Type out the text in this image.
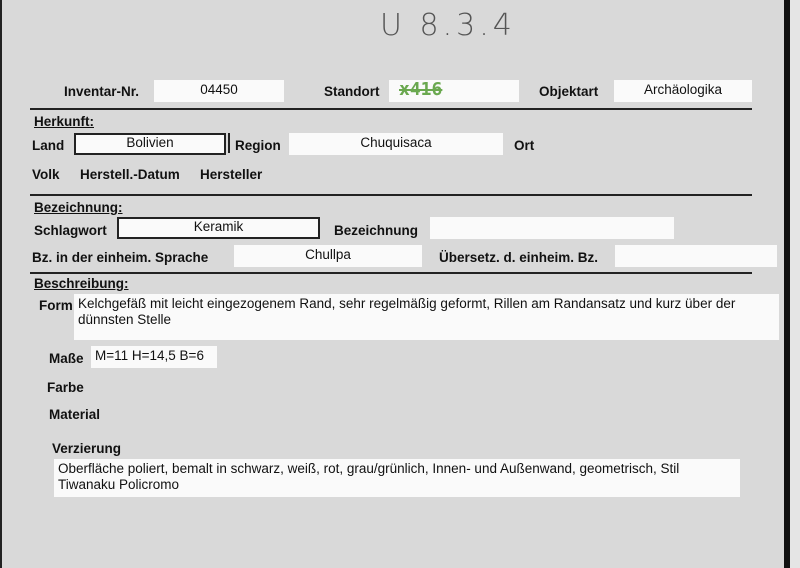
U 8.3.4
Inventar-Nr.	04450	Standort x416	Objektart	Archäologika
Herkunft:
Land	Bolivien	Region	Chuquisaca	Ort
Volk Herstell.-Datum Hersteller
Bezeichnung:
Schlagwort	Keramik	Bezeichnung
Bz. in der einheim. Sprache	Chullpa	Übersetz. d. einheim. Bz.
Beschreibung:
Form Kelchgefäß mit leicht eingezogenem Rand, sehr regelmäßig geformt, Rillen am Randansatz und kurz über der dünnsten Stelle
Maße M=11 H=14,5 B=6
Farbe
Material
Verzierung
Oberfläche poliert, bemalt in schwarz, weiß, rot, grau/grünlich, Innen- und Außenwand, geometrisch, Stil Tiwanaku Policromo
